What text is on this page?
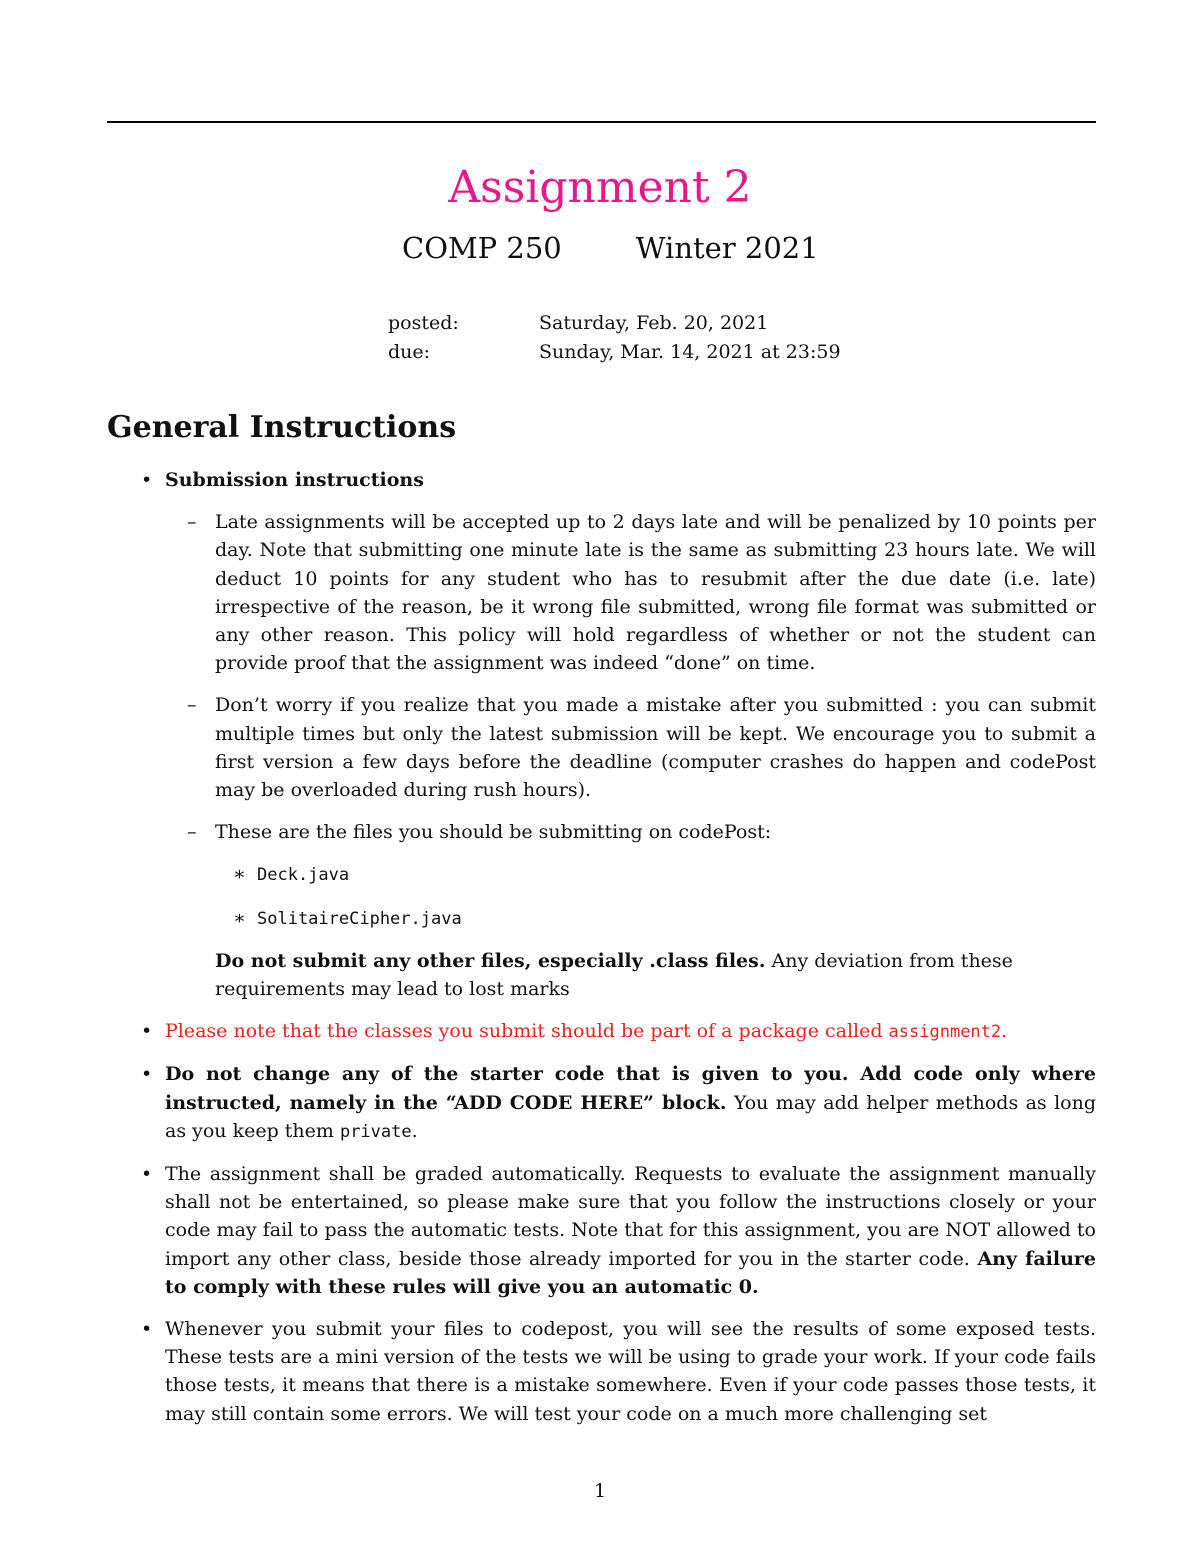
Assignment 2
COMP 250	Winter 2021
posted:	Saturday, Feb. 20, 2021
due:	Sunday, Mar. 14, 2021 at 23:59
General Instructions
• Submission instructions
– Late assignments will be accepted up to 2 days late and will be penalized by 10 points per day. Note that submitting one minute late is the same as submitting 23 hours late. We will deduct 10 points for any student who has to resubmit after the due date (i.e. late) irrespective of the reason, be it wrong file submitted, wrong file format was submitted or any other reason. This policy will hold regardless of whether or not the student can provide proof that the assignment was indeed “done” on time.
– Don’t worry if you realize that you made a mistake after you submitted : you can submit multiple times but only the latest submission will be kept. We encourage you to submit a first version a few days before the deadline (computer crashes do happen and codePost may be overloaded during rush hours).
– These are the files you should be submitting on codePost:
∗ Deck.java
∗ SolitaireCipher.java
Do not submit any other files, especially .class files. Any deviation from these requirements may lead to lost marks
• Please note that the classes you submit should be part of a package called assignment2.
• Do not change any of the starter code that is given to you. Add code only where instructed, namely in the “ADD CODE HERE” block. You may add helper methods as long as you keep them private.
• The assignment shall be graded automatically. Requests to evaluate the assignment manually shall not be entertained, so please make sure that you follow the instructions closely or your code may fail to pass the automatic tests. Note that for this assignment, you are NOT allowed to import any other class, beside those already imported for you in the starter code. Any failure to comply with these rules will give you an automatic 0.
• Whenever you submit your files to codepost, you will see the results of some exposed tests. These tests are a mini version of the tests we will be using to grade your work. If your code fails those tests, it means that there is a mistake somewhere. Even if your code passes those tests, it may still contain some errors. We will test your code on a much more challenging set
1
